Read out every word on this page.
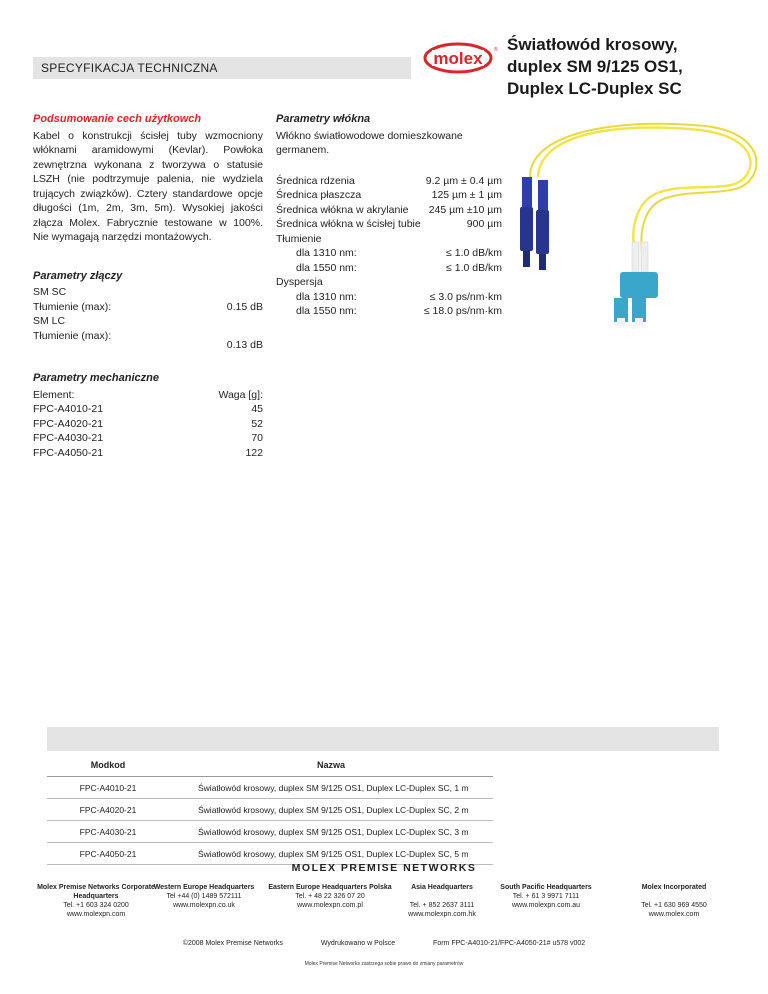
SPECYFIKACJA TECHNICZNA	molex ® Światłowód krosowy,
duplex SM 9/125 OS1,
Duplex LC-Duplex SC
Podsumowanie cech użytkowch
Kabel o konstrukcji ścisłej tuby wzmocniony włóknami aramidowymi (Kevlar). Powłoka zewnętrzna wykonana z tworzywa o statusie LSZH (nie podtrzymuje palenia, nie wydziela trujących związków). Cztery standardowe opcje długości (1m, 2m, 3m, 5m). Wysokiej jakości złącza Molex. Fabrycznie testowane w 100%. Nie wymagają narzędzi montażowych.
Parametry złączy
SM SC
Tłumienie (max):	0.15 dB
SM LC
Tłumienie (max):
0.13 dB
Parametry mechaniczne
Element:	Waga [g]:
FPC-A4010-21	45
FPC-A4020-21	52
FPC-A4030-21	70
FPC-A4050-21	122
Parametry włókna
Włókno światłowodowe domieszkowane germanem.
Średnica rdzenia	9.2 µm ± 0.4 µm
Średnica płaszcza	125 µm ± 1 µm
Średnica włókna w akrylanie 245 µm ±10 µm
Średnica włókna w ścisłej tubie	900 µm
Tłumienie
dla 1310 nm:	≤ 1.0 dB/km
dla 1550 nm:	≤ 1.0 dB/km
Dyspersja
dla 1310 nm:	≤ 3.0 ps/nm·km
dla 1550 nm:	≤ 18.0 ps/nm·km
Modkod	Nazwa
FPC-A4010-21	Światłowód krosowy, duplex SM 9/125 OS1, Duplex LC-Duplex SC, 1 m
FPC-A4020-21	Światłowód krosowy, duplex SM 9/125 OS1, Duplex LC-Duplex SC, 2 m
FPC-A4030-21	Światłowód krosowy, duplex SM 9/125 OS1, Duplex LC-Duplex SC, 3 m
FPC-A4050-21	Światłowód krosowy, duplex SM 9/125 OS1, Duplex LC-Duplex SC, 5 m
MOLEX PREMISE NETWORKS
Molex Premise Networks Corporate Headquarters
Tel. +1 603 324 0200
www.molexpn.com
Western Europe Headquarters
Tel +44 (0) 1489 572111
www.molexpn.co.uk
Eastern Europe Headquarters Polska
Tel. + 48 22 326 07 20
www.molexpn.com.pl
Asia Headquarters
Tel. + 852 2637 3111
www.molexpn.com.hk
South Pacific Headquarters
Tel. + 61 3 9971 7111
www.molexpn.com.au
Molex Incorporated
Tel. +1 630 969 4550
www.molex.com
©2008 Molex Premise Networks	Wydrukowano w Polsce	Form FPC-A4010-21/FPC-A4050-21# u578 v002
Molex Premise Networks zastrzega sobie prawo do zmiany parametrów
